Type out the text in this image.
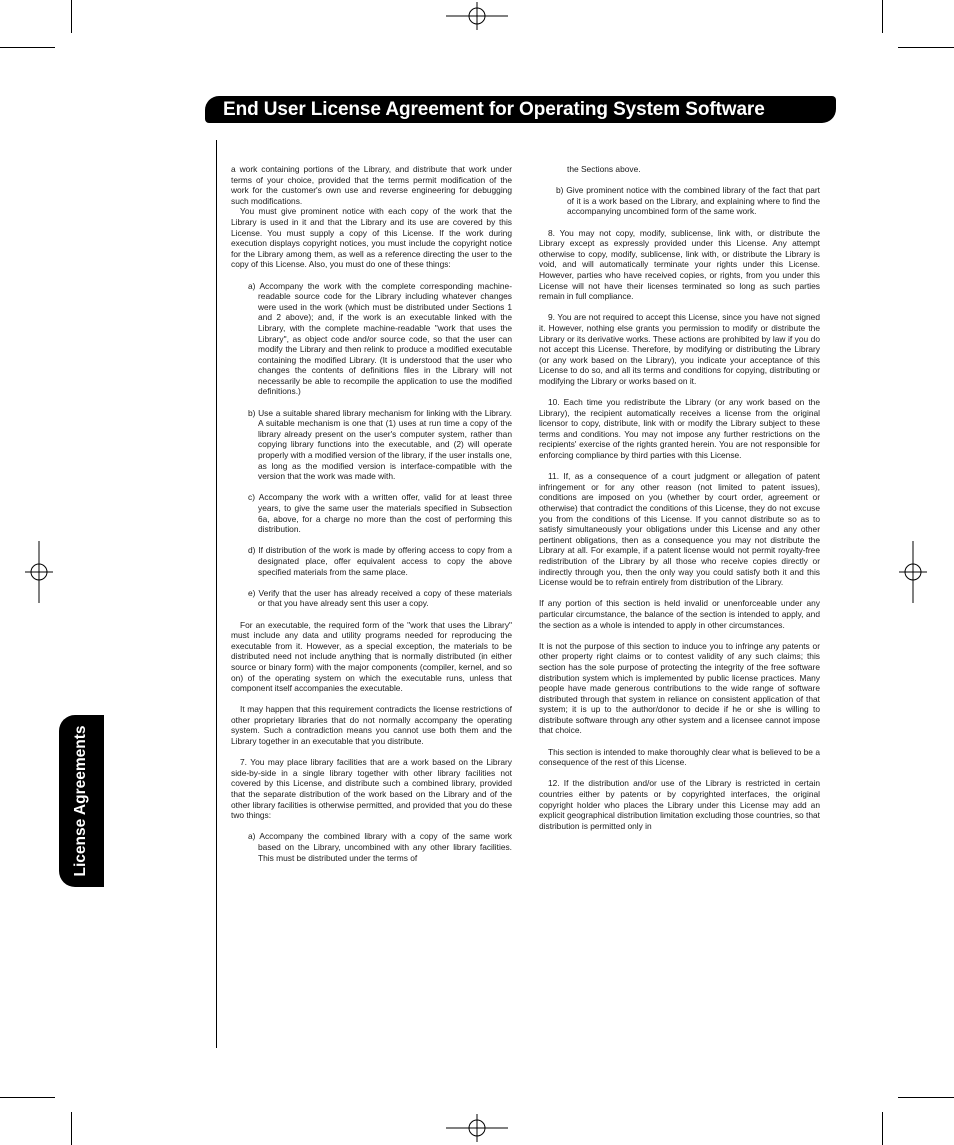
End User License Agreement for Operating System Software
License Agreements

a work containing portions of the Library, and distribute that work under terms of your choice, provided that the terms permit modification of the work for the customer's own use and reverse engineering for debugging such modifications.

You must give prominent notice with each copy of the work that the Library is used in it and that the Library and its use are covered by this License. You must supply a copy of this License. If the work during execution displays copyright notices, you must include the copyright notice for the Library among them, as well as a reference directing the user to the copy of this License. Also, you must do one of these things:

a) Accompany the work with the complete corresponding machine-readable source code for the Library including whatever changes were used in the work (which must be distributed under Sections 1 and 2 above); and, if the work is an executable linked with the Library, with the complete machine-readable "work that uses the Library", as object code and/or source code, so that the user can modify the Library and then relink to produce a modified executable containing the modified Library. (It is understood that the user who changes the contents of definitions files in the Library will not necessarily be able to recompile the application to use the modified definitions.)

b) Use a suitable shared library mechanism for linking with the Library. A suitable mechanism is one that (1) uses at run time a copy of the library already present on the user's computer system, rather than copying library functions into the executable, and (2) will operate properly with a modified version of the library, if the user installs one, as long as the modified version is interface-compatible with the version that the work was made with.

c) Accompany the work with a written offer, valid for at least three years, to give the same user the materials specified in Subsection 6a, above, for a charge no more than the cost of performing this distribution.

d) If distribution of the work is made by offering access to copy from a designated place, offer equivalent access to copy the above specified materials from the same place.

e) Verify that the user has already received a copy of these materials or that you have already sent this user a copy.

For an executable, the required form of the "work that uses the Library" must include any data and utility programs needed for reproducing the executable from it. However, as a special exception, the materials to be distributed need not include anything that is normally distributed (in either source or binary form) with the major components (compiler, kernel, and so on) of the operating system on which the executable runs, unless that component itself accompanies the executable.

It may happen that this requirement contradicts the license restrictions of other proprietary libraries that do not normally accompany the operating system. Such a contradiction means you cannot use both them and the Library together in an executable that you distribute.

7. You may place library facilities that are a work based on the Library side-by-side in a single library together with other library facilities not covered by this License, and distribute such a combined library, provided that the separate distribution of the work based on the Library and of the other library facilities is otherwise permitted, and provided that you do these two things:

a) Accompany the combined library with a copy of the same work based on the Library, uncombined with any other library facilities. This must be distributed under the terms of

the Sections above.

b) Give prominent notice with the combined library of the fact that part of it is a work based on the Library, and explaining where to find the accompanying uncombined form of the same work.

8. You may not copy, modify, sublicense, link with, or distribute the Library except as expressly provided under this License. Any attempt otherwise to copy, modify, sublicense, link with, or distribute the Library is void, and will automatically terminate your rights under this License. However, parties who have received copies, or rights, from you under this License will not have their licenses terminated so long as such parties remain in full compliance.

9. You are not required to accept this License, since you have not signed it. However, nothing else grants you permission to modify or distribute the Library or its derivative works. These actions are prohibited by law if you do not accept this License. Therefore, by modifying or distributing the Library (or any work based on the Library), you indicate your acceptance of this License to do so, and all its terms and conditions for copying, distributing or modifying the Library or works based on it.

10. Each time you redistribute the Library (or any work based on the Library), the recipient automatically receives a license from the original licensor to copy, distribute, link with or modify the Library subject to these terms and conditions. You may not impose any further restrictions on the recipients' exercise of the rights granted herein. You are not responsible for enforcing compliance by third parties with this License.

11. If, as a consequence of a court judgment or allegation of patent infringement or for any other reason (not limited to patent issues), conditions are imposed on you (whether by court order, agreement or otherwise) that contradict the conditions of this License, they do not excuse you from the conditions of this License. If you cannot distribute so as to satisfy simultaneously your obligations under this License and any other pertinent obligations, then as a consequence you may not distribute the Library at all. For example, if a patent license would not permit royalty-free redistribution of the Library by all those who receive copies directly or indirectly through you, then the only way you could satisfy both it and this License would be to refrain entirely from distribution of the Library.

If any portion of this section is held invalid or unenforceable under any particular circumstance, the balance of the section is intended to apply, and the section as a whole is intended to apply in other circumstances.

It is not the purpose of this section to induce you to infringe any patents or other property right claims or to contest validity of any such claims; this section has the sole purpose of protecting the integrity of the free software distribution system which is implemented by public license practices. Many people have made generous contributions to the wide range of software distributed through that system in reliance on consistent application of that system; it is up to the author/donor to decide if he or she is willing to distribute software through any other system and a licensee cannot impose that choice.

This section is intended to make thoroughly clear what is believed to be a consequence of the rest of this License.

12. If the distribution and/or use of the Library is restricted in certain countries either by patents or by copyrighted interfaces, the original copyright holder who places the Library under this License may add an explicit geographical distribution limitation excluding those countries, so that distribution is permitted only in
